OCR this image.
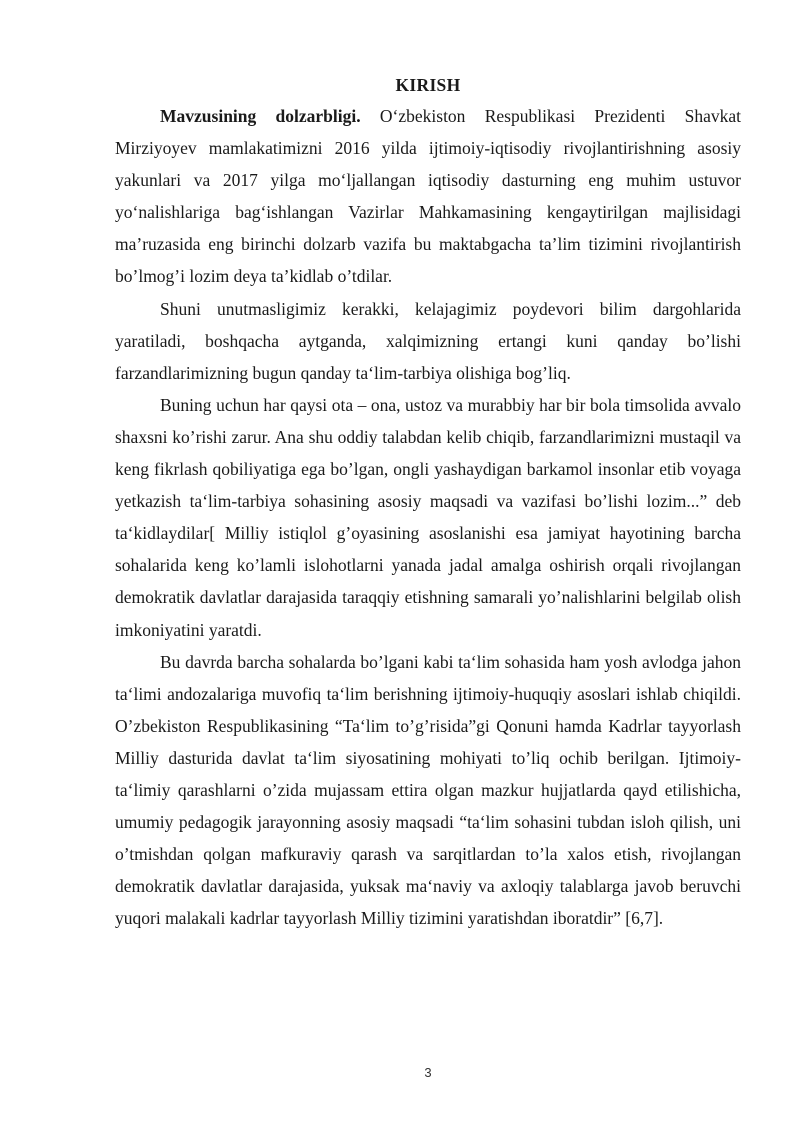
KIRISH

Mavzusining dolzarbligi. O‘zbekiston Respublikasi Prezidenti Shavkat Mirziyoyev mamlakatimizni 2016 yilda ijtimoiy-iqtisodiy rivojlantirishning asosiy yakunlari va 2017 yilga mo‘ljallangan iqtisodiy dasturning eng muhim ustuvor yo‘nalishlariga bag‘ishlangan Vazirlar Mahkamasining kengaytirilgan majlisidagi ma’ruzasida eng birinchi dolzarb vazifa bu maktabgacha ta’lim tizimini rivojlantirish bo’lmog’i lozim deya ta’kidlab o’tdilar.

Shuni unutmasligimiz kerakki, kelajagimiz poydevori bilim dargohlarida yaratiladi, boshqacha aytganda, xalqimizning ertangi kuni qanday bo’lishi farzandlarimizning bugun qanday ta‘lim-tarbiya olishiga bog’liq.

Buning uchun har qaysi ota – ona, ustoz va murabbiy har bir bola timsolida avvalo shaxsni ko’rishi zarur. Ana shu oddiy talabdan kelib chiqib, farzandlarimizni mustaqil va keng fikrlash qobiliyatiga ega bo’lgan, ongli yashaydigan barkamol insonlar etib voyaga yetkazish ta‘lim-tarbiya sohasining asosiy maqsadi va vazifasi bo’lishi lozim...” deb ta‘kidlaydilar[ Milliy istiqlol g’oyasining asoslanishi esa jamiyat hayotining barcha sohalarida keng ko’lamli islohotlarni yanada jadal amalga oshirish orqali rivojlangan demokratik davlatlar darajasida taraqqiy etishning samarali yo’nalishlarini belgilab olish imkoniyatini yaratdi.

Bu davrda barcha sohalarda bo’lgani kabi ta‘lim sohasida ham yosh avlodga jahon ta‘limi andozalariga muvofiq ta‘lim berishning ijtimoiy-huquqiy asoslari ishlab chiqildi. O’zbekiston Respublikasining “Ta‘lim to’g’risida”gi Qonuni hamda Kadrlar tayyorlash Milliy dasturida davlat ta‘lim siyosatining mohiyati to’liq ochib berilgan. Ijtimoiy-ta‘limiy qarashlarni o’zida mujassam ettira olgan mazkur hujjatlarda qayd etilishicha, umumiy pedagogik jarayonning asosiy maqsadi “ta‘lim sohasini tubdan isloh qilish, uni o’tmishdan qolgan mafkuraviy qarash va sarqitlardan to’la xalos etish, rivojlangan demokratik davlatlar darajasida, yuksak ma‘naviy va axloqiy talablarga javob beruvchi yuqori malakali kadrlar tayyorlash Milliy tizimini yaratishdan iboratdir” [6,7].

3
